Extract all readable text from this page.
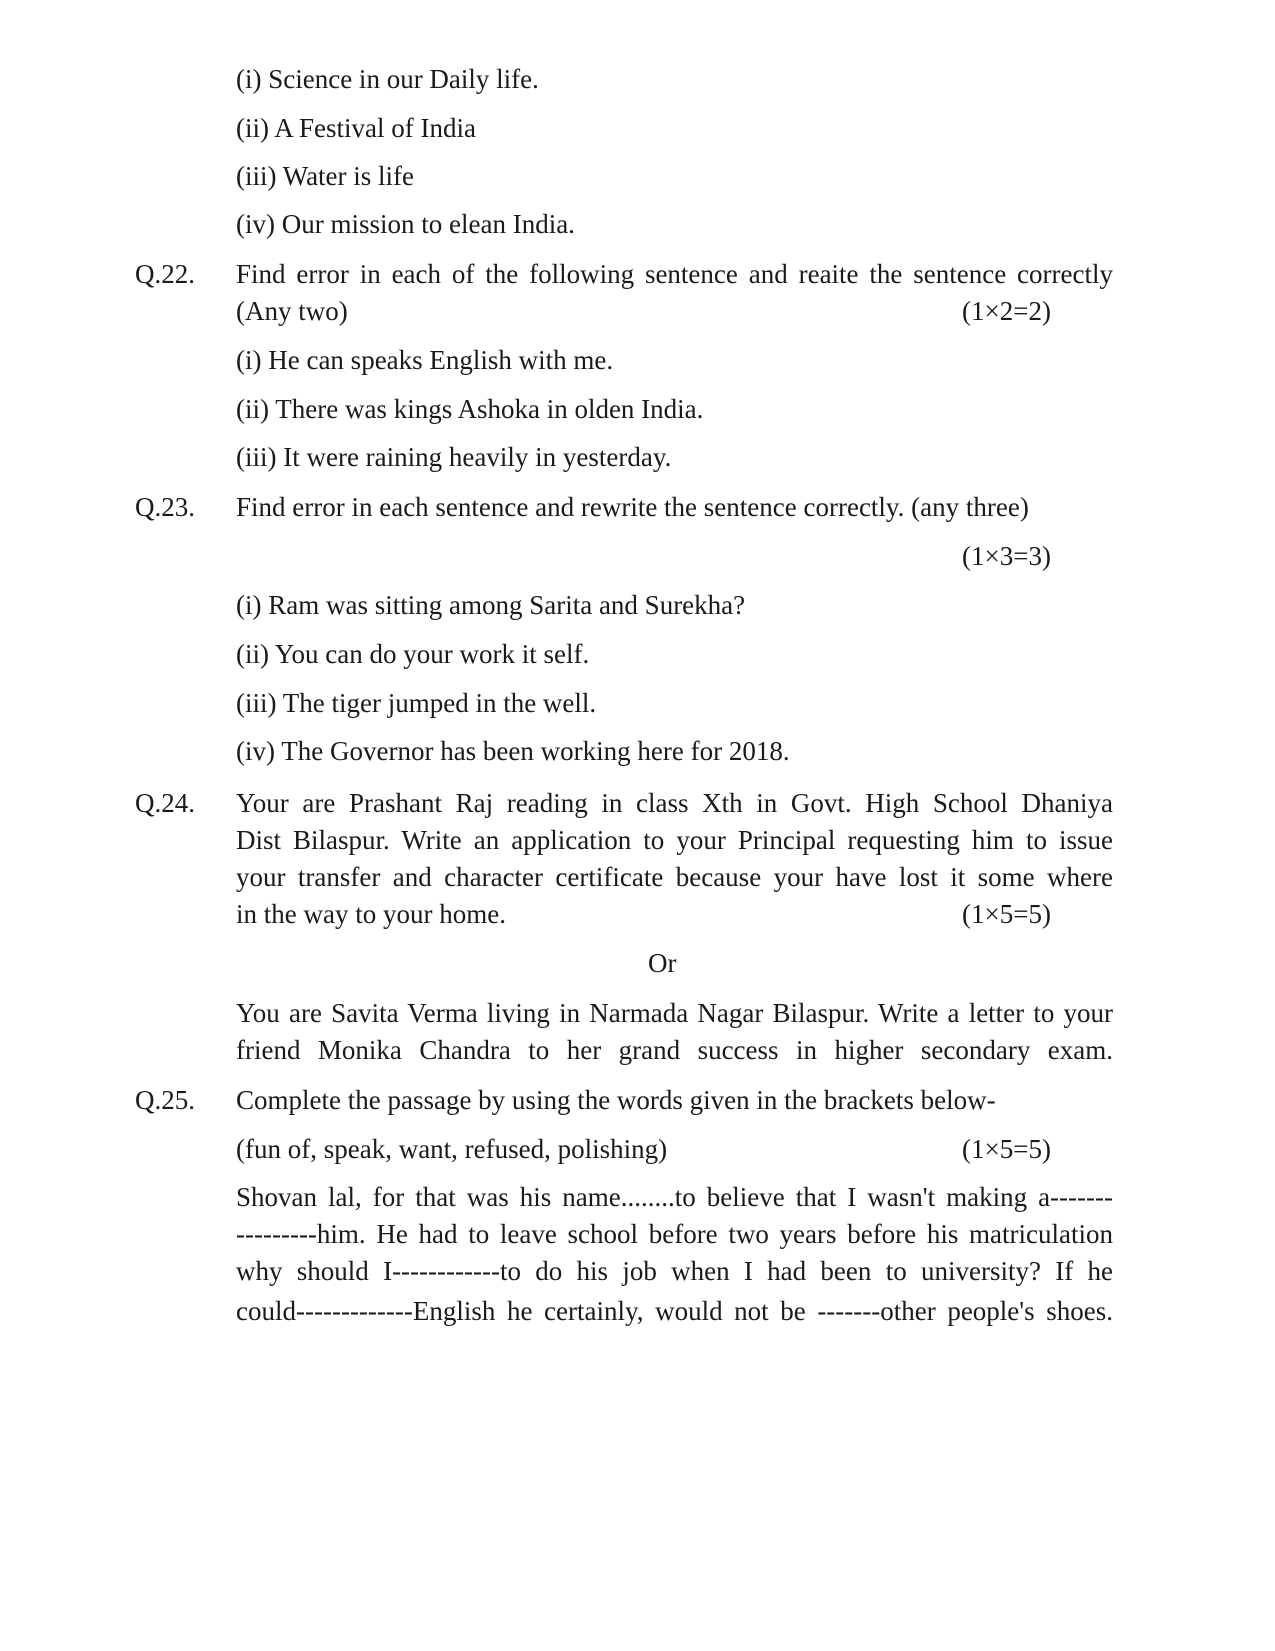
(i) Science in our Daily life.
(ii) A Festival of India
(iii) Water is life
(iv) Our mission to elean India.
Q.22. Find error in each of the following sentence and reaite the sentence correctly
(Any two)	(1×2=2)
(i) He can speaks English with me.
(ii) There was kings Ashoka in olden India.
(iii) It were raining heavily in yesterday.
Q.23. Find error in each sentence and rewrite the sentence correctly. (any three)
(1×3=3)
(i) Ram was sitting among Sarita and Surekha?
(ii) You can do your work it self.
(iii) The tiger jumped in the well.
(iv) The Governor has been working here for 2018.
Q.24. Your are Prashant Raj reading in class Xth in Govt. High School Dhaniya
Dist Bilaspur. Write an application to your Principal requesting him to issue
your transfer and character certificate because your have lost it some where
in the way to your home.	(1×5=5)
Or
You are Savita Verma living in Narmada Nagar Bilaspur. Write a letter to your
friend Monika Chandra to her grand success in higher secondary exam.
Q.25. Complete the passage by using the words given in the brackets below-
(fun of, speak, want, refused, polishing)	(1×5=5)
Shovan lal, for that was his name........to believe that I wasn't making a-------
---------him. He had to leave school before two years before his matriculation
why should I------------to do his job when I had been to university? If he
could-------------English he certainly, would not be -------other people's shoes.
